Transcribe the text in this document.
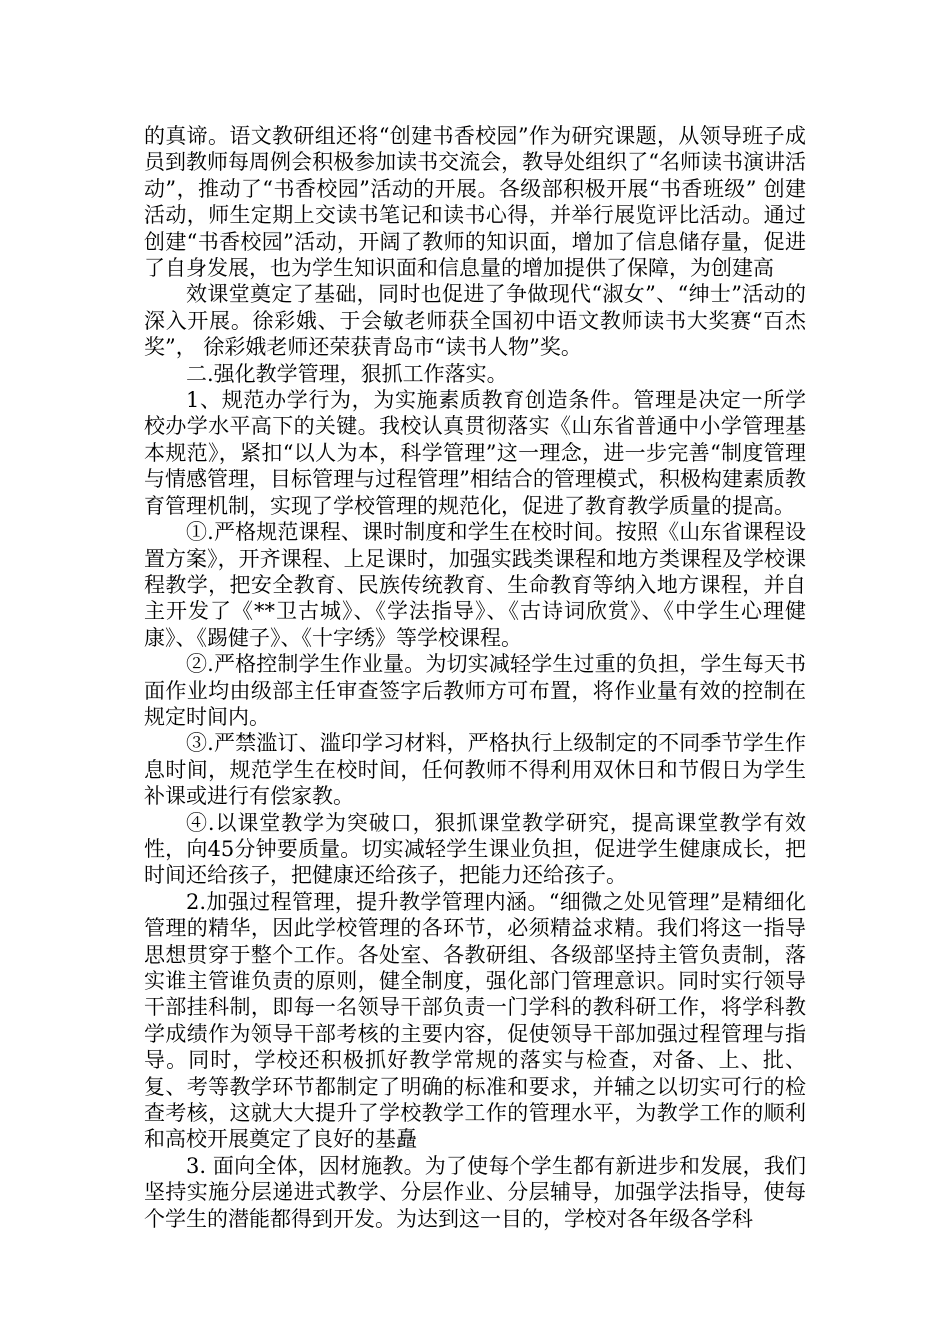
的真谛。语文教研组还将“创建书香校园”作为研究课题，从领导班子成员到教师每周例会积极参加读书交流会，教导处组织了“名师读书演讲活动”，推动了“书香校园”活动的开展。各级部积极开展“书香班级” 创建活动，师生定期上交读书笔记和读书心得，并举行展览评比活动。通过创建“书香校园”活动，开阔了教师的知识面，增加了信息储存量，促进了自身发展，也为学生知识面和信息量的增加提供了保障，为创建高

效课堂奠定了基础，同时也促进了争做现代“淑女”、“绅士”活动的深入开展。徐彩娥、于会敏老师获全国初中语文教师读书大奖赛“百杰奖”， 徐彩娥老师还荣获青岛市“读书人物”奖。

二.强化教学管理，狠抓工作落实。

1、规范办学行为，为实施素质教育创造条件。管理是决定一所学校办学水平高下的关键。我校认真贯彻落实《山东省普通中小学管理基本规范》，紧扣“以人为本，科学管理”这一理念，进一步完善“制度管理与情感管理，目标管理与过程管理”相结合的管理模式，积极构建素质教育管理机制，实现了学校管理的规范化，促进了教育教学质量的提高。

①.严格规范课程、课时制度和学生在校时间。按照《山东省课程设置方案》，开齐课程、上足课时，加强实践类课程和地方类课程及学校课程教学，把安全教育、民族传统教育、生命教育等纳入地方课程，并自主开发了《**卫古城》、《学法指导》、《古诗词欣赏》、《中学生心理健康》、《踢健子》、《十字绣》等学校课程。

②.严格控制学生作业量。为切实减轻学生过重的负担，学生每天书面作业均由级部主任审查签字后教师方可布置，将作业量有效的控制在规定时间内。

③.严禁滥订、滥印学习材料，严格执行上级制定的不同季节学生作息时间，规范学生在校时间，任何教师不得利用双休日和节假日为学生补课或进行有偿家教。

④.以课堂教学为突破口，狠抓课堂教学研究，提高课堂教学有效性，向45分钟要质量。切实减轻学生课业负担，促进学生健康成长，把时间还给孩子，把健康还给孩子，把能力还给孩子。

2.加强过程管理，提升教学管理内涵。“细微之处见管理”是精细化管理的精华，因此学校管理的各环节，必须精益求精。我们将这一指导思想贯穿于整个工作。各处室、各教研组、各级部坚持主管负责制，落实谁主管谁负责的原则，健全制度，强化部门管理意识。同时实行领导干部挂科制，即每一名领导干部负责一门学科的教科研工作，将学科教学成绩作为领导干部考核的主要内容，促使领导干部加强过程管理与指导。同时，学校还积极抓好教学常规的落实与检查，对备、上、批、复、考等教学环节都制定了明确的标准和要求，并辅之以切实可行的检查考核，这就大大提升了学校教学工作的管理水平，为教学工作的顺利和高校开展奠定了良好的基矗

3. 面向全体，因材施教。为了使每个学生都有新进步和发展，我们坚持实施分层递进式教学、分层作业、分层辅导，加强学法指导，使每个学生的潜能都得到开发。为达到这一目的，学校对各年级各学科
